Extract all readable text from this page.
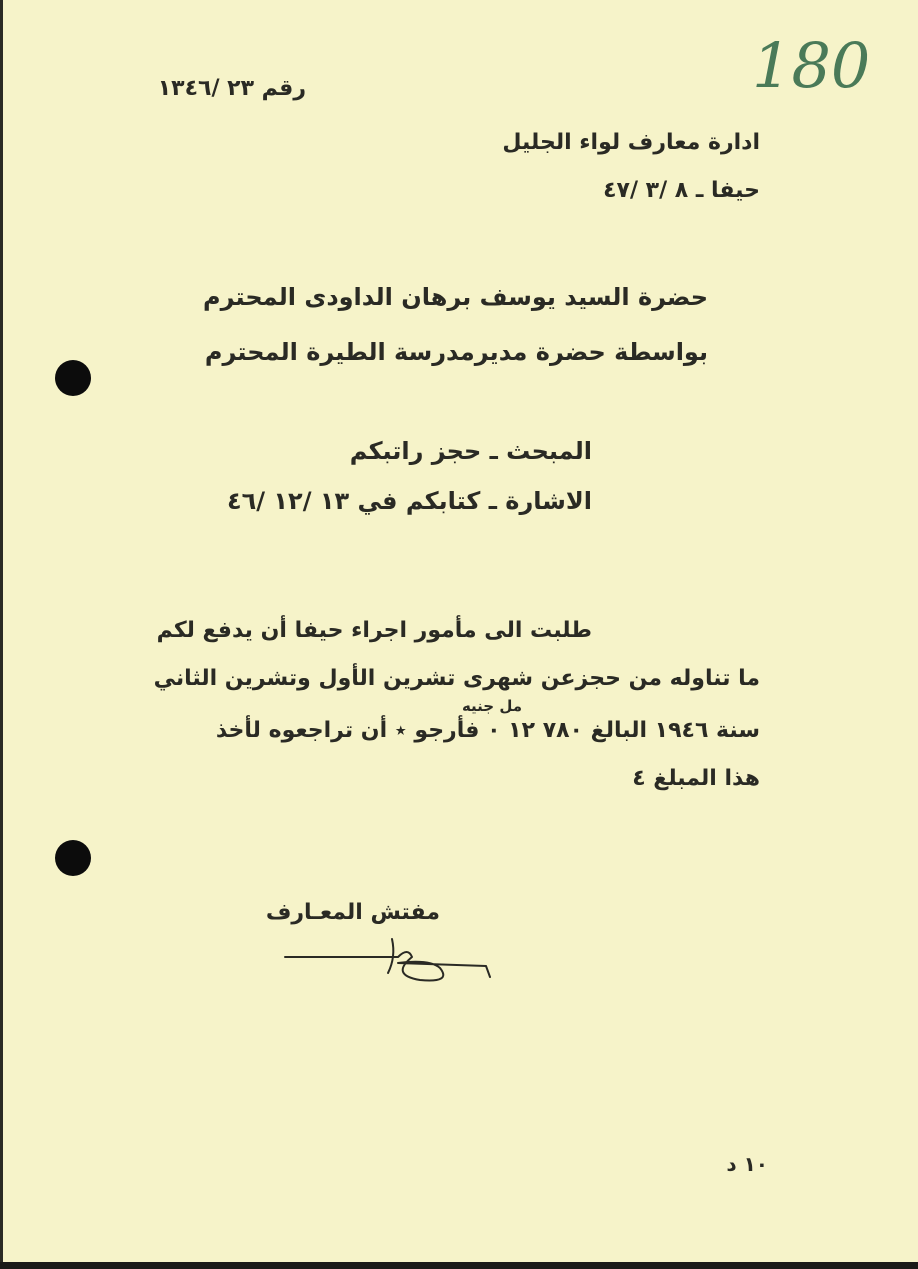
180
رقم ٢٣ /١٣٤٦
ادارة معارف لواء الجليل
حيفا ـ ٨ /٣ /٤٧
حضرة السيد يوسف برهان الداودى المحترم
بواسطة حضرة مديرمدرسة الطيرة المحترم
المبحث ـ حجز راتبكم
الاشارة ـ كتابكم في ١٣ /١٢ /٤٦
طلبت الى مأمور اجراء حيفا أن يدفع لكم
ما تناوله من حجزعن شهرى تشرين الأول وتشرين الثاني
مل جنيه
سنة ١٩٤٦ البالغ ٧٨٠ ١٢ ٠ فأرجو ٭ أن تراجعوه لأخذ
هذا المبلغ ٤
مفتش المعـارف
١٠ د
